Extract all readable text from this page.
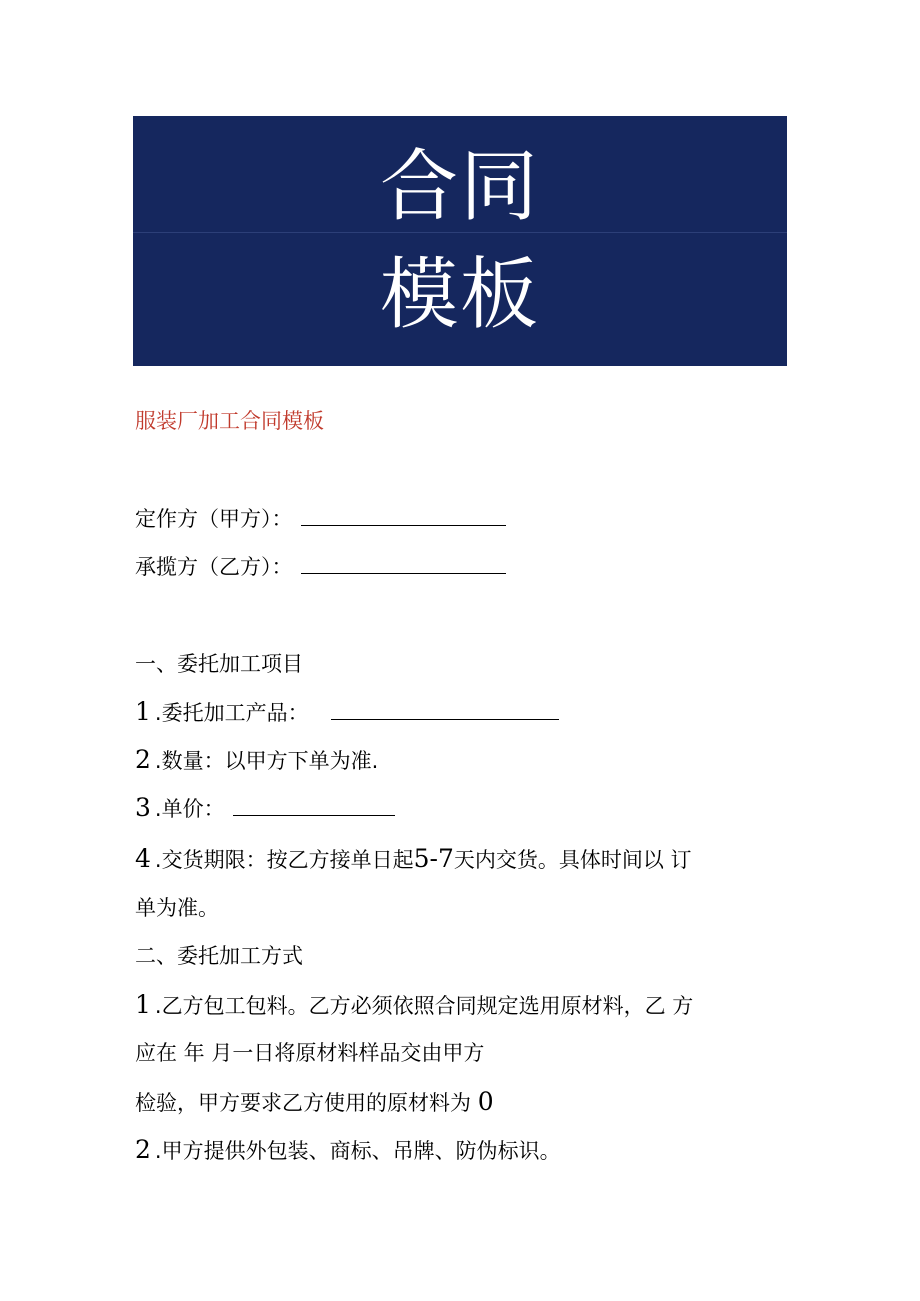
合同
模板
服装厂加工合同模板
定作方（甲方）：
承揽方（乙方）：
一、委托加工项目
1 .委托加工产品：
2 .数量：以甲方下单为准.
3 .单价：
4 .交货期限：按乙方接单日起5-7天内交货。具体时间以 订
单为准。
二、委托加工方式
1 .乙方包工包料。乙方必须依照合同规定选用原材料，乙 方
应在 年 月一日将原材料样品交由甲方
检验，甲方要求乙方使用的原材料为 0
2 .甲方提供外包装、商标、吊牌、防伪标识。
